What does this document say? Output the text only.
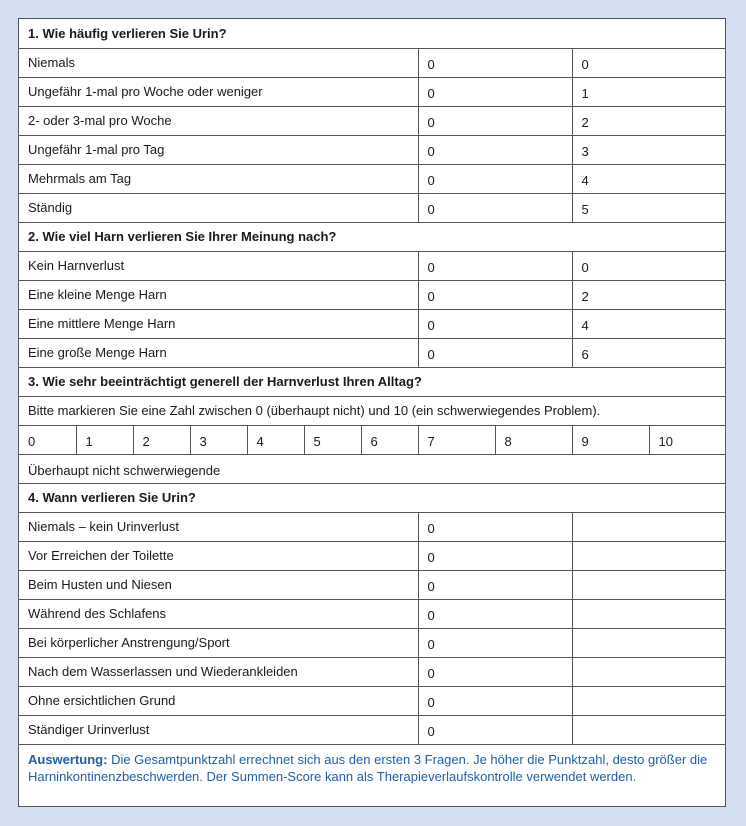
1. Wie häufig verlieren Sie Urin?										
Niemals							0		0	
Ungefähr 1-mal pro Woche oder weniger							0		1	
2- oder 3-mal pro Woche							0		2	
Ungefähr 1-mal pro Tag							0		3	
Mehrmals am Tag							0		4	
Ständig							0		5	
2. Wie viel Harn verlieren Sie Ihrer Meinung nach?										
Kein Harnverlust							0		0	
Eine kleine Menge Harn							0		2	
Eine mittlere Menge Harn							0		4	
Eine große Menge Harn							0		6	
3. Wie sehr beeinträchtigt generell der Harnverlust Ihren Alltag?										
Bitte markieren Sie eine Zahl zwischen 0 (überhaupt nicht) und 10 (ein schwerwiegendes Problem).										
0	1	2	3	4	5	6	7	8	9	10
Überhaupt nicht schwerwiegende										
4. Wann verlieren Sie Urin?										
Niemals – kein Urinverlust							0			
Vor Erreichen der Toilette							0			
Beim Husten und Niesen							0			
Während des Schlafens							0			
Bei körperlicher Anstrengung/Sport							0			
Nach dem Wasserlassen und Wiederankleiden							0			
Ohne ersichtlichen Grund							0			
Ständiger Urinverlust							0			
Auswertung: Die Gesamtpunktzahl errechnet sich aus den ersten 3 Fragen. Je höher die Punktzahl, desto größer die Harninkontinenzbeschwerden. Der Summen-Score kann als Therapieverlaufskontrolle verwendet werden.										
